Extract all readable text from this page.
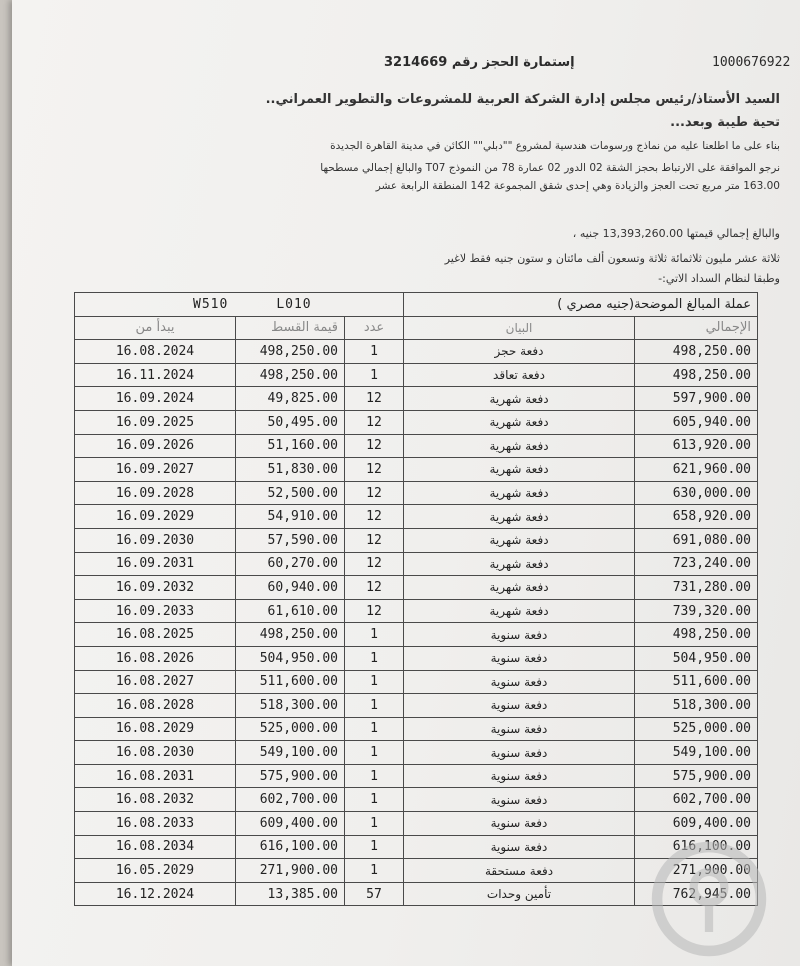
1000676922
إستمارة الحجز رقم 3214669
السيد الأستاذ/رئيس مجلس إدارة الشركة العربية للمشروعات والتطوير العمراني..
تحية طيبة وبعد...
بناء على ما اطلعنا عليه من نماذج ورسومات هندسية لمشروع ""دبلي"" الكائن في مدينة القاهرة الجديدة
نرجو الموافقة على الارتباط بحجز الشقة 02 الدور 02 عمارة 78 من النموذج T07 والبالغ إجمالي مسطحها
163.00 متر مربع تحت العجز والزيادة وهي إحدى شقق المجموعة 142 المنطقة الرابعة عشر
والبالغ إجمالي قيمتها 13,393,260.00 جنيه ،
ثلاثة عشر مليون ثلاثمائة ثلاثة وتسعون ألف مائتان و ستون جنيه فقط لاغير
وطبقا لنظام السداد الاتي:-
W510 L010			عملة المبالغ الموضحة(جنيه مصري )	
يبدأ من	قيمة القسط	عدد	البيان	الإجمالي
16.08.2024	498,250.00	1	دفعة حجز	498,250.00
16.11.2024	498,250.00	1	دفعة تعاقد	498,250.00
16.09.2024	49,825.00	12	دفعة شهرية	597,900.00
16.09.2025	50,495.00	12	دفعة شهرية	605,940.00
16.09.2026	51,160.00	12	دفعة شهرية	613,920.00
16.09.2027	51,830.00	12	دفعة شهرية	621,960.00
16.09.2028	52,500.00	12	دفعة شهرية	630,000.00
16.09.2029	54,910.00	12	دفعة شهرية	658,920.00
16.09.2030	57,590.00	12	دفعة شهرية	691,080.00
16.09.2031	60,270.00	12	دفعة شهرية	723,240.00
16.09.2032	60,940.00	12	دفعة شهرية	731,280.00
16.09.2033	61,610.00	12	دفعة شهرية	739,320.00
16.08.2025	498,250.00	1	دفعة سنوية	498,250.00
16.08.2026	504,950.00	1	دفعة سنوية	504,950.00
16.08.2027	511,600.00	1	دفعة سنوية	511,600.00
16.08.2028	518,300.00	1	دفعة سنوية	518,300.00
16.08.2029	525,000.00	1	دفعة سنوية	525,000.00
16.08.2030	549,100.00	1	دفعة سنوية	549,100.00
16.08.2031	575,900.00	1	دفعة سنوية	575,900.00
16.08.2032	602,700.00	1	دفعة سنوية	602,700.00
16.08.2033	609,400.00	1	دفعة سنوية	609,400.00
16.08.2034	616,100.00	1	دفعة سنوية	616,100.00
16.05.2029	271,900.00	1	دفعة مستحقة	271,900.00
16.12.2024	13,385.00	57	تأمين وحدات	762,945.00
